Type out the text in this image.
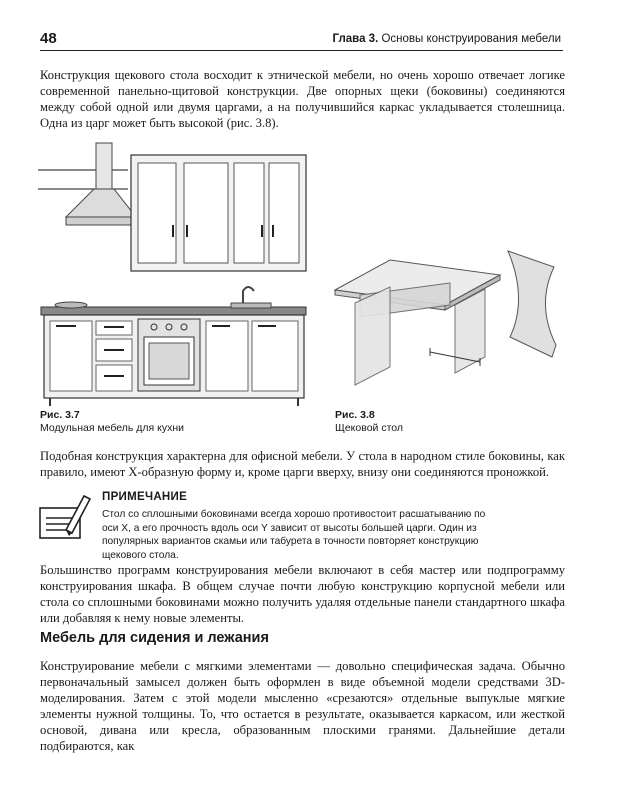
48	Глава 3. Основы конструирования мебели

Конструкция щекового стола восходит к этнической мебели, но очень хорошо отвечает логике современной панельно-щитовой конструкции. Две опорных щеки (боковины) соединяются между собой одной или двумя царгами, а на получившийся каркас укладывается столешница. Одна из царг может быть высокой (рис. 3.8).

Рис. 3.7
Модульная мебель для кухни
Рис. 3.8
Щековой стол

Подобная конструкция характерна для офисной мебели. У стола в народном стиле боковины, как правило, имеют Х-образную форму и, кроме царги вверху, внизу они соединяются проножкой.

ПРИМЕЧАНИЕ

Стол со сплошными боковинами всегда хорошо противостоит расшатыванию по оси X, а его прочность вдоль оси Y зависит от высоты большей царги. Один из популярных вариантов скамьи или табурета в точности повторяет конструкцию щекового стола.

Большинство программ конструирования мебели включают в себя мастер или подпрограмму конструирования шкафа. В общем случае почти любую конструкцию корпусной мебели или стола со сплошными боковинами можно получить удаляя отдельные панели стандартного шкафа или добавляя к нему новые элементы.

Мебель для сидения и лежания

Конструирование мебели с мягкими элементами — довольно специфическая задача. Обычно первоначальный замысел должен быть оформлен в виде объемной модели средствами 3D-моделирования. Затем с этой модели мысленно «срезаются» отдельные выпуклые мягкие элементы нужной толщины. То, что остается в результате, оказывается каркасом, или жесткой основой, дивана или кресла, образованным плоскими гранями. Дальнейшие детали подбираются, как
